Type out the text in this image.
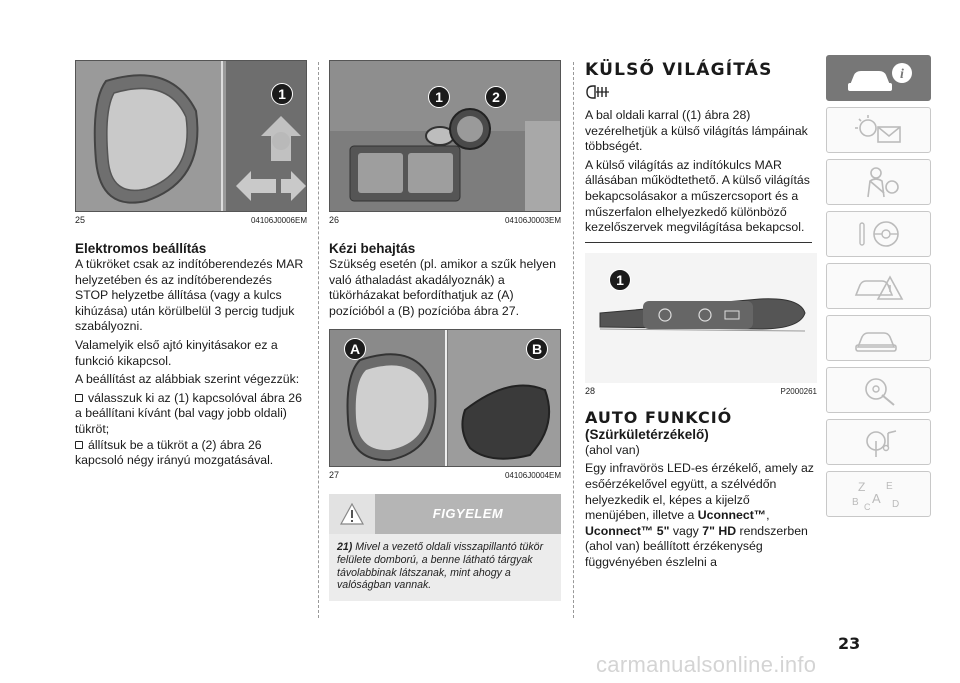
1
25	04106J0006EM
Elektromos beállítás

A tükröket csak az indítóberendezés MAR helyzetében és az indítóberendezés STOP helyzetbe állítása (vagy a kulcs kihúzása) után körülbelül 3 percig tudjuk szabályozni.

Valamelyik első ajtó kinyitásakor ez a funkció kikapcsol.

A beállítást az alábbiak szerint végezzük:

válasszuk ki az (1) kapcsolóval ábra 26 a beállítani kívánt (bal vagy jobb oldali) tükröt;
állítsuk be a tükröt a (2) ábra 26 kapcsoló négy irányú mozgatásával.
1	2
26	04106J0003EM
Kézi behajtás

Szükség esetén (pl. amikor a szűk helyen való áthaladást akadályoznák) a tükörházakat befordíthatjuk az (A) pozícióból a (B) pozícióba ábra 27.

A	B
27	04106J0004EM
FIGYELEM
21) Mivel a vezető oldali visszapillantó tükör felülete domború, a benne látható tárgyak távolabbinak látszanak, mint ahogy a valóságban vannak.
KÜLSŐ VILÁGÍTÁS

A bal oldali karral ((1) ábra 28) vezérelhetjük a külső világítás lámpáinak többségét.

A külső világítás az indítókulcs MAR állásában működtethető. A külső világítás bekapcsolásakor a műszercsoport és a műszerfalon elhelyezkedő különböző kezelőszervek megvilágítása bekapcsol.

1
28	P2000261
AUTO FUNKCIÓ
(Szürkületérzékelő)

(ahol van)

Egy infravörös LED-es érzékelő, amely az esőérzékelővel együtt, a szélvédőn helyezkedik el, képes a kijelző menüjében, illetve a Uconnect™, Uconnect™ 5" vagy 7" HD rendszerben (ahol van) beállított érzékenység függvényében észlelni a

i
Z E
B A D
C
23
carmanualsonline.info
